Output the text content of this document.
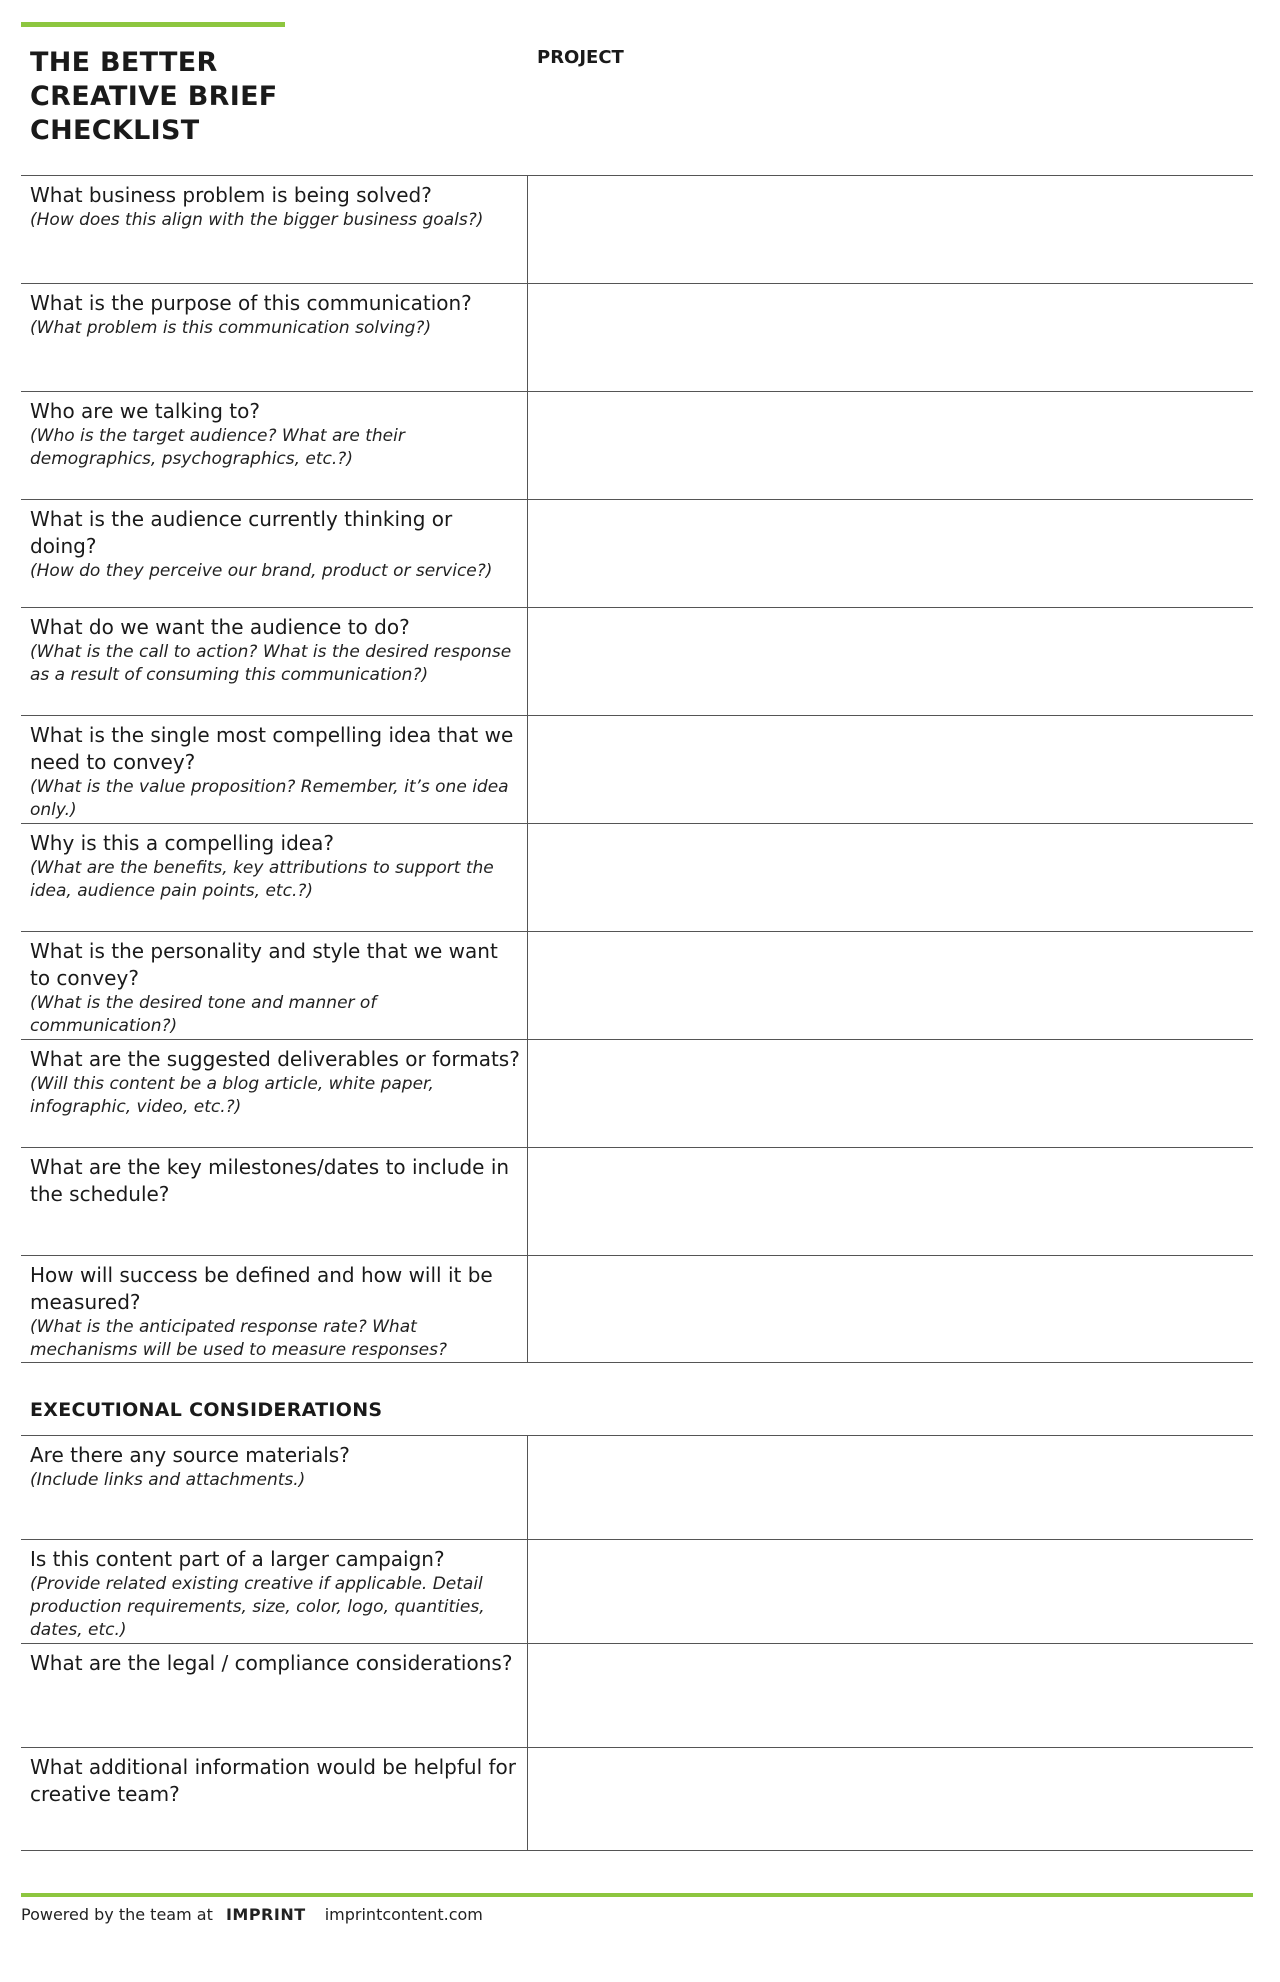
THE BETTER
CREATIVE BRIEF
CHECKLIST

PROJECT

What business problem is being solved?

(How does this align with the bigger business goals?)

What is the purpose of this communication?

(What problem is this communication solving?)

Who are we talking to?

(Who is the target audience? What are their demographics, psychographics, etc.?)

What is the audience currently thinking or doing?

(How do they perceive our brand, product or service?)

What do we want the audience to do?

(What is the call to action? What is the desired response as a result of consuming this communication?)

What is the single most compelling idea that we need to convey?

(What is the value proposition? Remember, it’s one idea only.)

Why is this a compelling idea?

(What are the benefits, key attributions to support the idea, audience pain points, etc.?)

What is the personality and style that we want to convey?

(What is the desired tone and manner of communication?)

What are the suggested deliverables or formats?

(Will this content be a blog article, white paper, infographic, video, etc.?)

What are the key milestones/dates to include in the schedule?

How will success be defined and how will it be measured?

(What is the anticipated response rate? What mechanisms will be used to measure responses?

EXECUTIONAL CONSIDERATIONS

Are there any source materials?

(Include links and attachments.)

Is this content part of a larger campaign?

(Provide related existing creative if applicable. Detail production requirements, size, color, logo, quantities, dates, etc.)

What are the legal / compliance considerations?

What additional information would be helpful for creative team?

Powered by the team at IMPRINT imprintcontent.com
